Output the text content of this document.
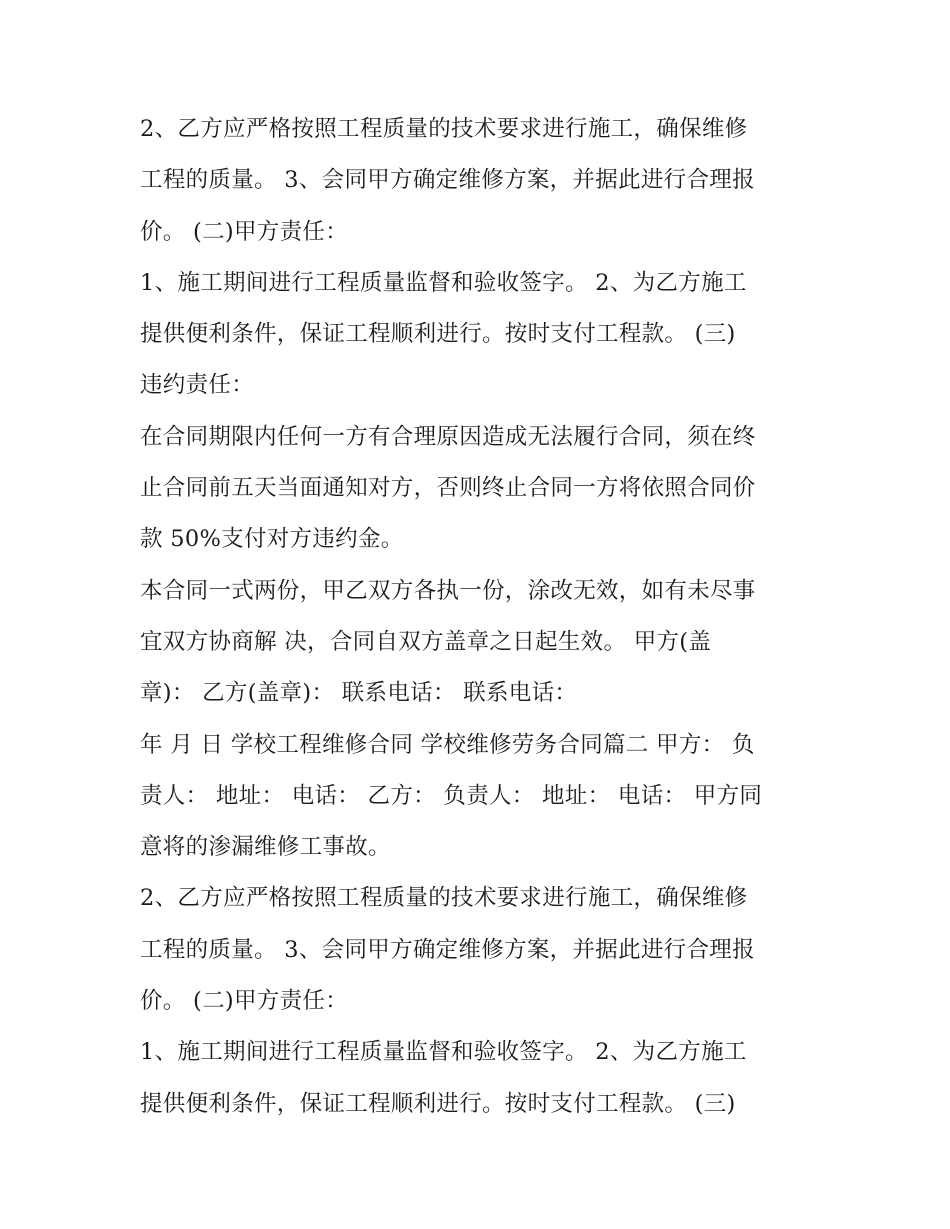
2、乙方应严格按照工程质量的技术要求进行施工，确保维修
工程的质量。 3、会同甲方确定维修方案，并据此进行合理报
价。 (二)甲方责任：
1、施工期间进行工程质量监督和验收签字。 2、为乙方施工
提供便利条件，保证工程顺利进行。按时支付工程款。 (三)
违约责任：
在合同期限内任何一方有合理原因造成无法履行合同，须在终
止合同前五天当面通知对方，否则终止合同一方将依照合同价
款 50%支付对方违约金。
本合同一式两份，甲乙双方各执一份，涂改无效，如有未尽事
宜双方协商解 决，合同自双方盖章之日起生效。 甲方(盖
章)： 乙方(盖章)： 联系电话： 联系电话：
年 月 日 学校工程维修合同 学校维修劳务合同篇二 甲方： 负
责人： 地址： 电话： 乙方： 负责人： 地址： 电话： 甲方同
意将的渗漏维修工事故。
2、乙方应严格按照工程质量的技术要求进行施工，确保维修
工程的质量。 3、会同甲方确定维修方案，并据此进行合理报
价。 (二)甲方责任：
1、施工期间进行工程质量监督和验收签字。 2、为乙方施工
提供便利条件，保证工程顺利进行。按时支付工程款。 (三)
